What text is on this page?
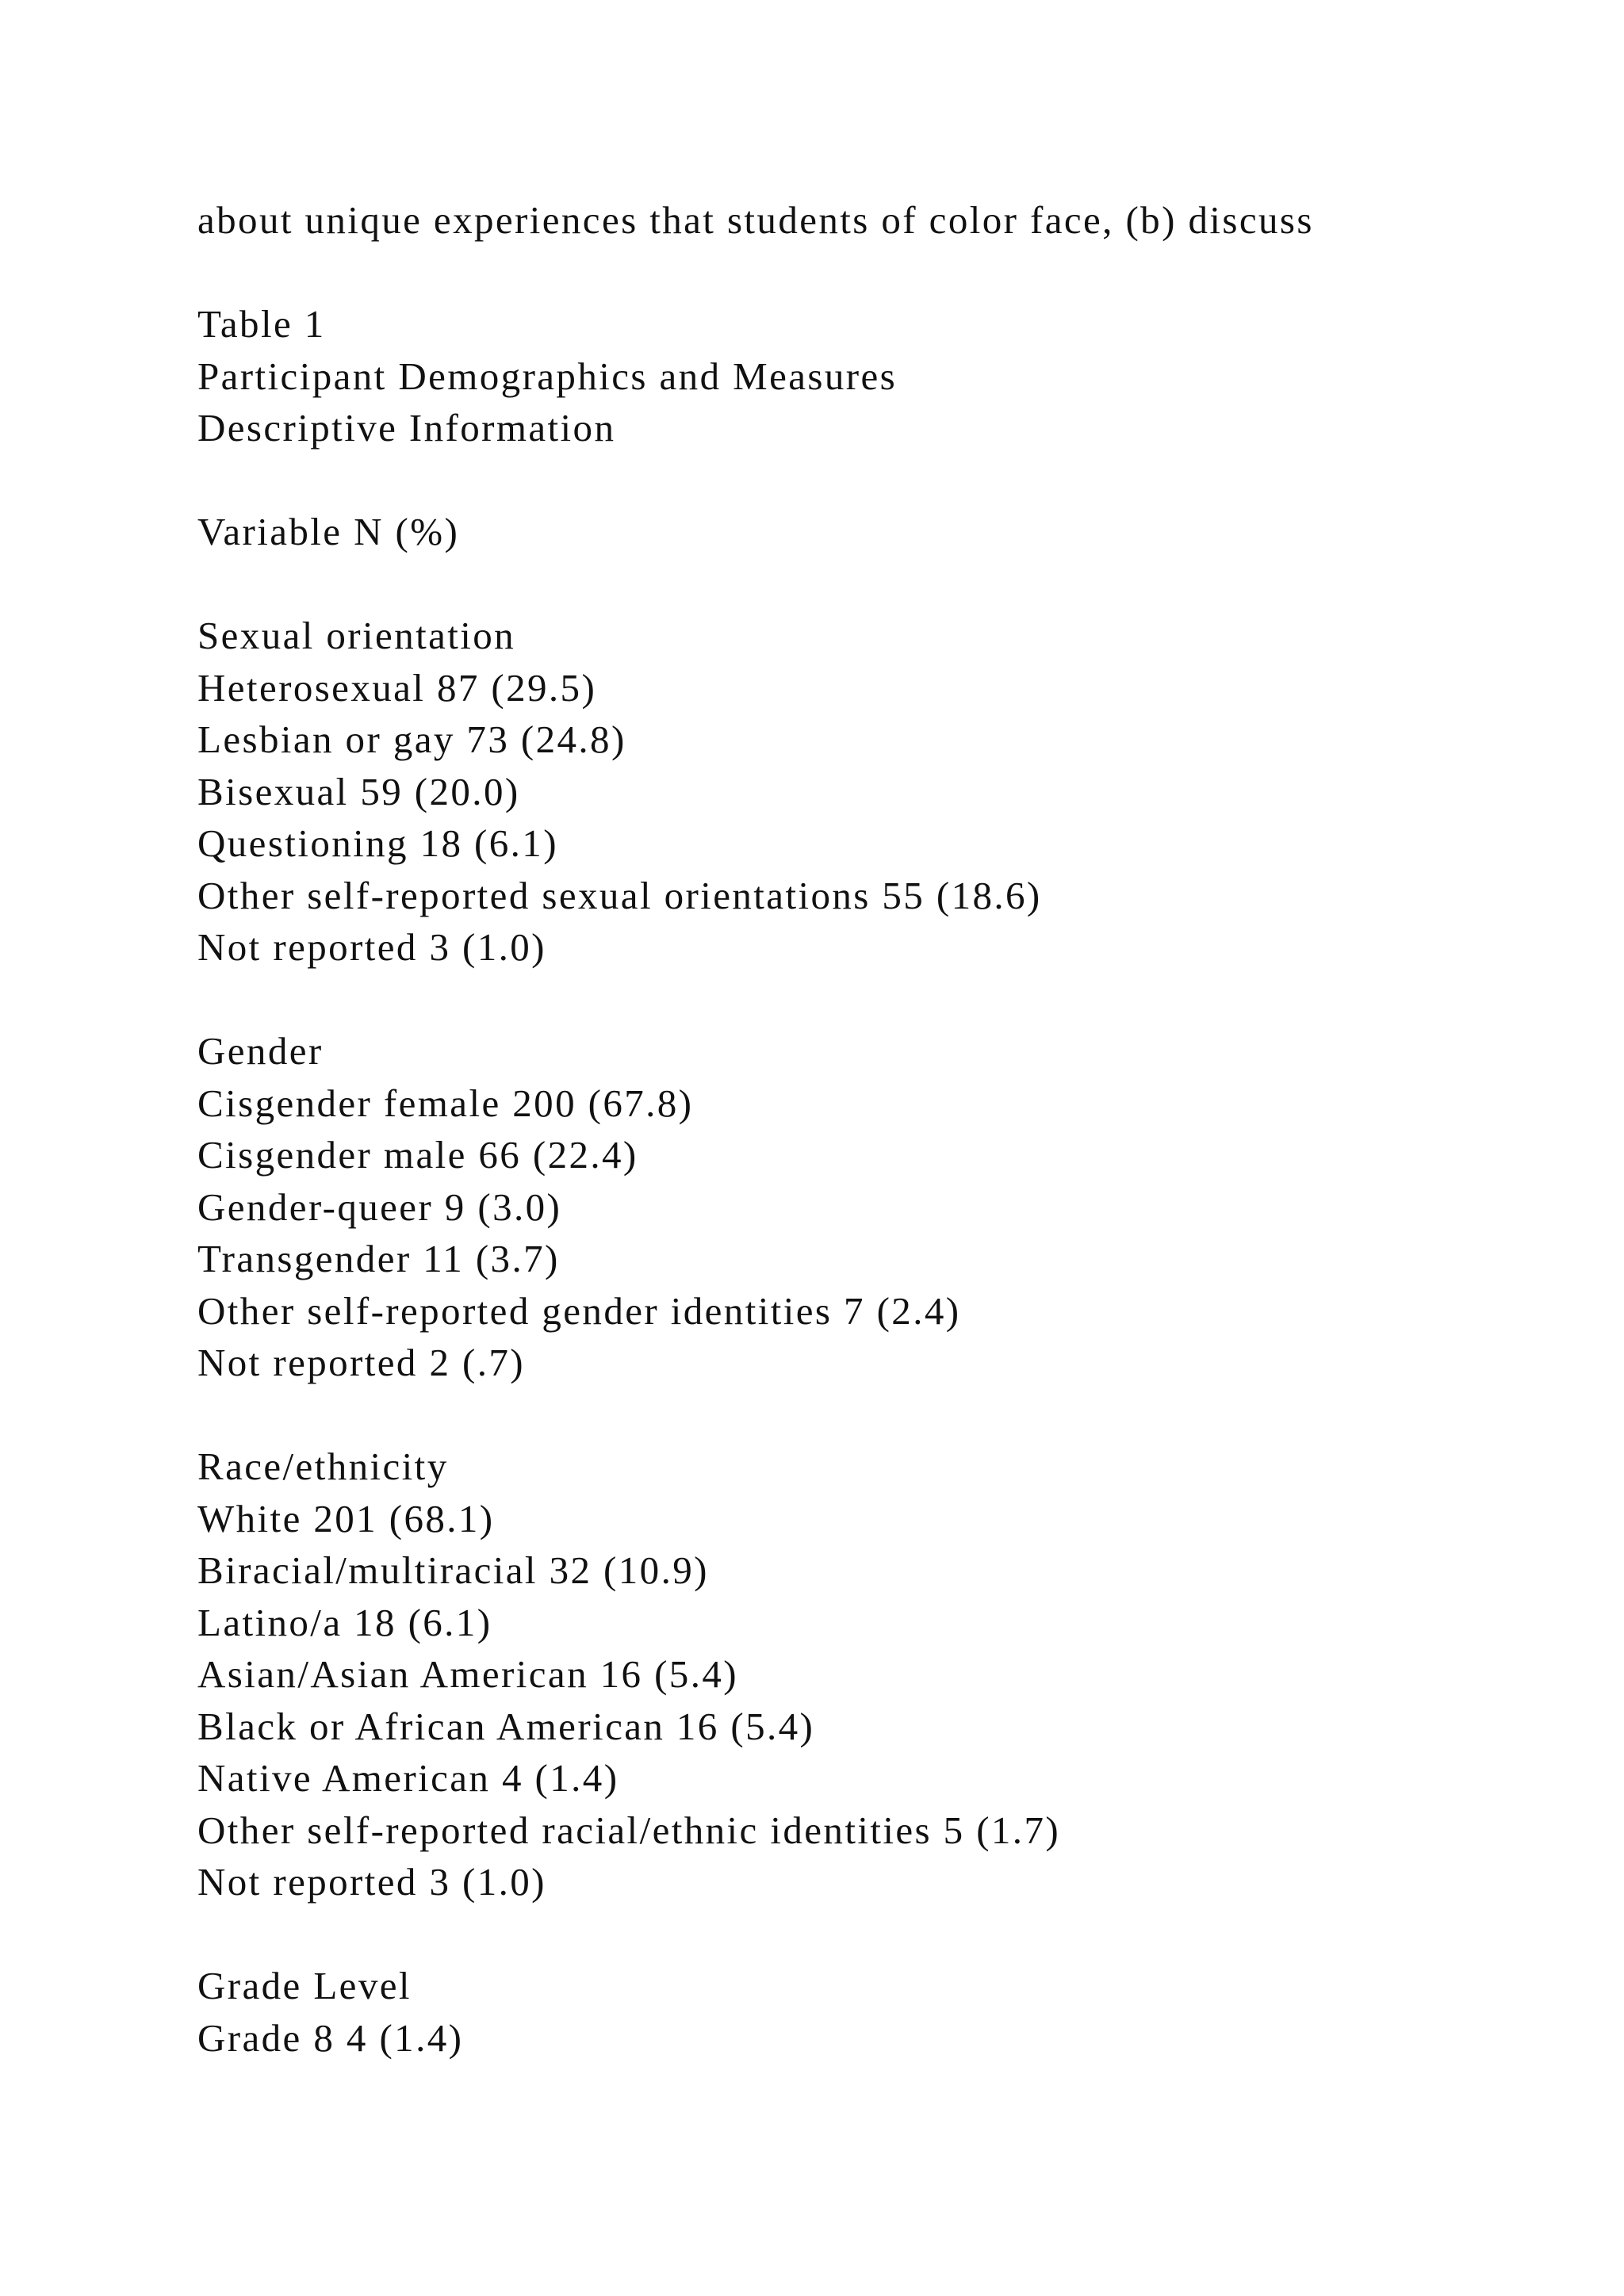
about unique experiences that students of color face, (b) discuss
Table 1
Participant Demographics and Measures
Descriptive Information
Variable N (%)
Sexual orientation
Heterosexual 87 (29.5)
Lesbian or gay 73 (24.8)
Bisexual 59 (20.0)
Questioning 18 (6.1)
Other self-reported sexual orientations 55 (18.6)
Not reported 3 (1.0)
Gender
Cisgender female 200 (67.8)
Cisgender male 66 (22.4)
Gender-queer 9 (3.0)
Transgender 11 (3.7)
Other self-reported gender identities 7 (2.4)
Not reported 2 (.7)
Race/ethnicity
White 201 (68.1)
Biracial/multiracial 32 (10.9)
Latino/a 18 (6.1)
Asian/Asian American 16 (5.4)
Black or African American 16 (5.4)
Native American 4 (1.4)
Other self-reported racial/ethnic identities 5 (1.7)
Not reported 3 (1.0)
Grade Level
Grade 8 4 (1.4)
